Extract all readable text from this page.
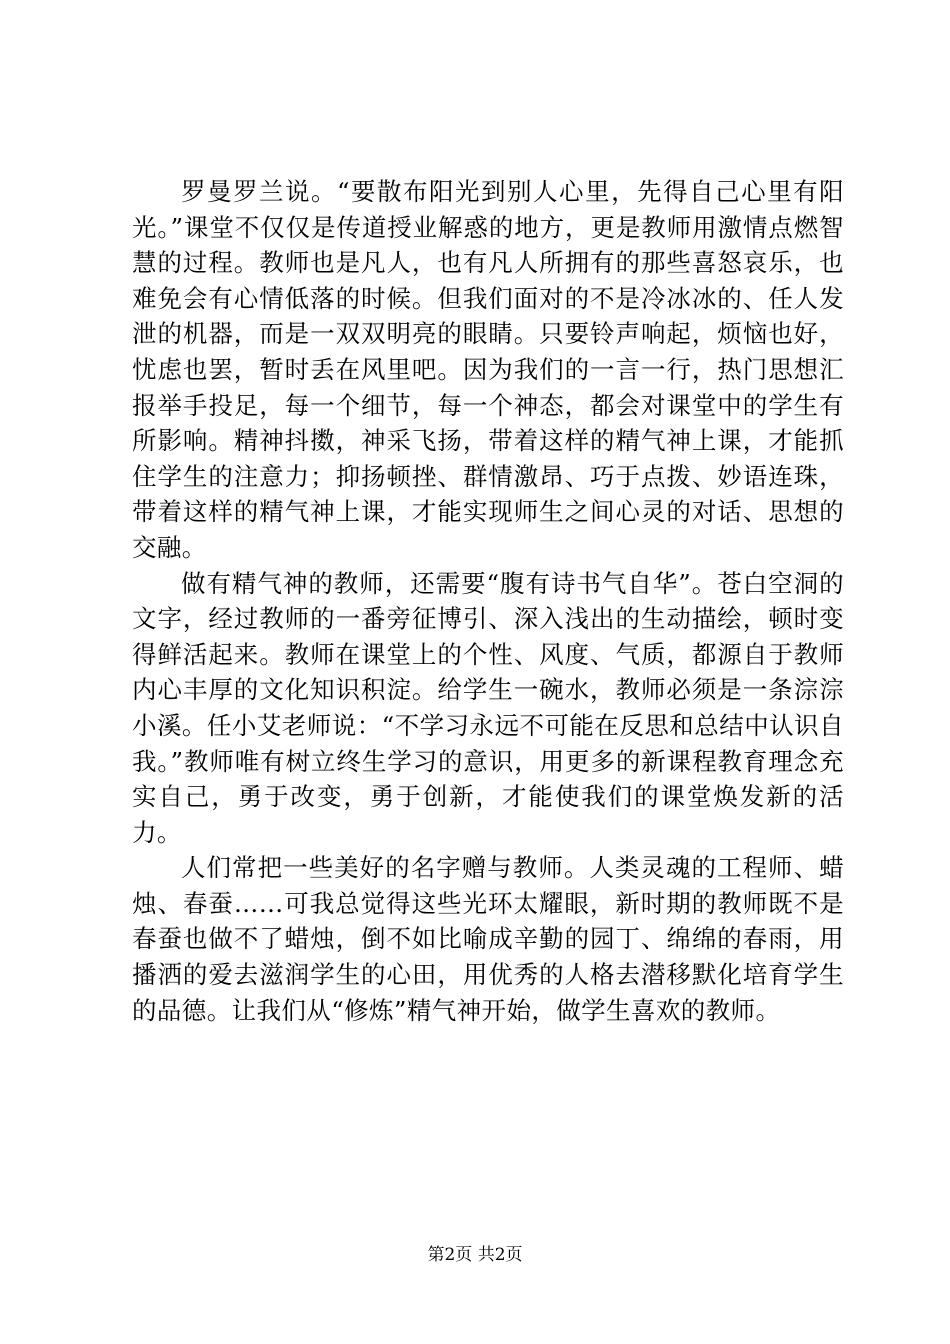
罗曼罗兰说。“要散布阳光到别人心里，先得自己心里有阳光。”课堂不仅仅是传道授业解惑的地方，更是教师用激情点燃智慧的过程。教师也是凡人，也有凡人所拥有的那些喜怒哀乐，也难免会有心情低落的时候。但我们面对的不是冷冰冰的、任人发泄的机器，而是一双双明亮的眼睛。只要铃声响起，烦恼也好，忧虑也罢，暂时丢在风里吧。因为我们的一言一行，热门思想汇报举手投足，每一个细节，每一个神态，都会对课堂中的学生有所影响。精神抖擞，神采飞扬，带着这样的精气神上课，才能抓住学生的注意力；抑扬顿挫、群情激昂、巧于点拨、妙语连珠，带着这样的精气神上课，才能实现师生之间心灵的对话、思想的交融。

做有精气神的教师，还需要“腹有诗书气自华”。苍白空洞的文字，经过教师的一番旁征博引、深入浅出的生动描绘，顿时变得鲜活起来。教师在课堂上的个性、风度、气质，都源自于教师内心丰厚的文化知识积淀。给学生一碗水，教师必须是一条淙淙小溪。任小艾老师说：“不学习永远不可能在反思和总结中认识自我。”教师唯有树立终生学习的意识，用更多的新课程教育理念充实自己，勇于改变，勇于创新，才能使我们的课堂焕发新的活力。

人们常把一些美好的名字赠与教师。人类灵魂的工程师、蜡烛、春蚕……可我总觉得这些光环太耀眼，新时期的教师既不是春蚕也做不了蜡烛，倒不如比喻成辛勤的园丁、绵绵的春雨，用播洒的爱去滋润学生的心田，用优秀的人格去潜移默化培育学生的品德。让我们从“修炼”精气神开始，做学生喜欢的教师。

第2页 共2页
